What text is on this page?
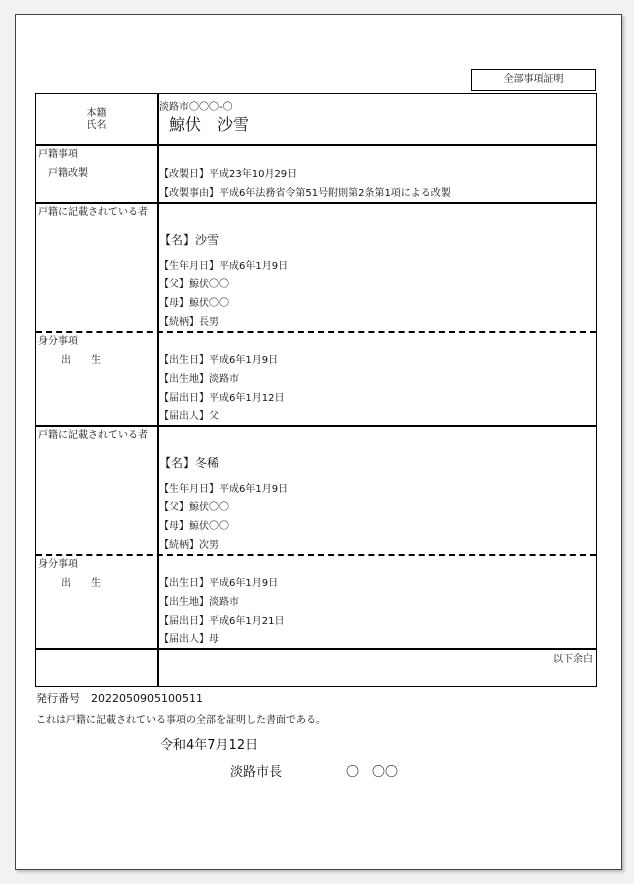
全部事項証明
本籍
氏名
淡路市〇〇〇-〇
鯨伏　沙雪
戸籍事項
戸籍改製	【改製日】平成23年10月29日
【改製事由】平成6年法務省令第51号附則第2条第1項による改製
戸籍に記載されている者
【名】沙雪
【生年月日】平成6年1月9日
【父】鯨伏〇〇
【母】鯨伏〇〇
【続柄】長男
身分事項
出　　生	【出生日】平成6年1月9日
【出生地】淡路市
【届出日】平成6年1月12日
【届出人】父
戸籍に記載されている者
【名】冬稀
【生年月日】平成6年1月9日
【父】鯨伏〇〇
【母】鯨伏〇〇
【続柄】次男
身分事項
出　　生	【出生日】平成6年1月9日
【出生地】淡路市
【届出日】平成6年1月21日
【届出人】母
以下余白
発行番号　2022050905100511
これは戸籍に記載されている事項の全部を証明した書面である。
令和4年7月12日
淡路市長	〇　〇〇
